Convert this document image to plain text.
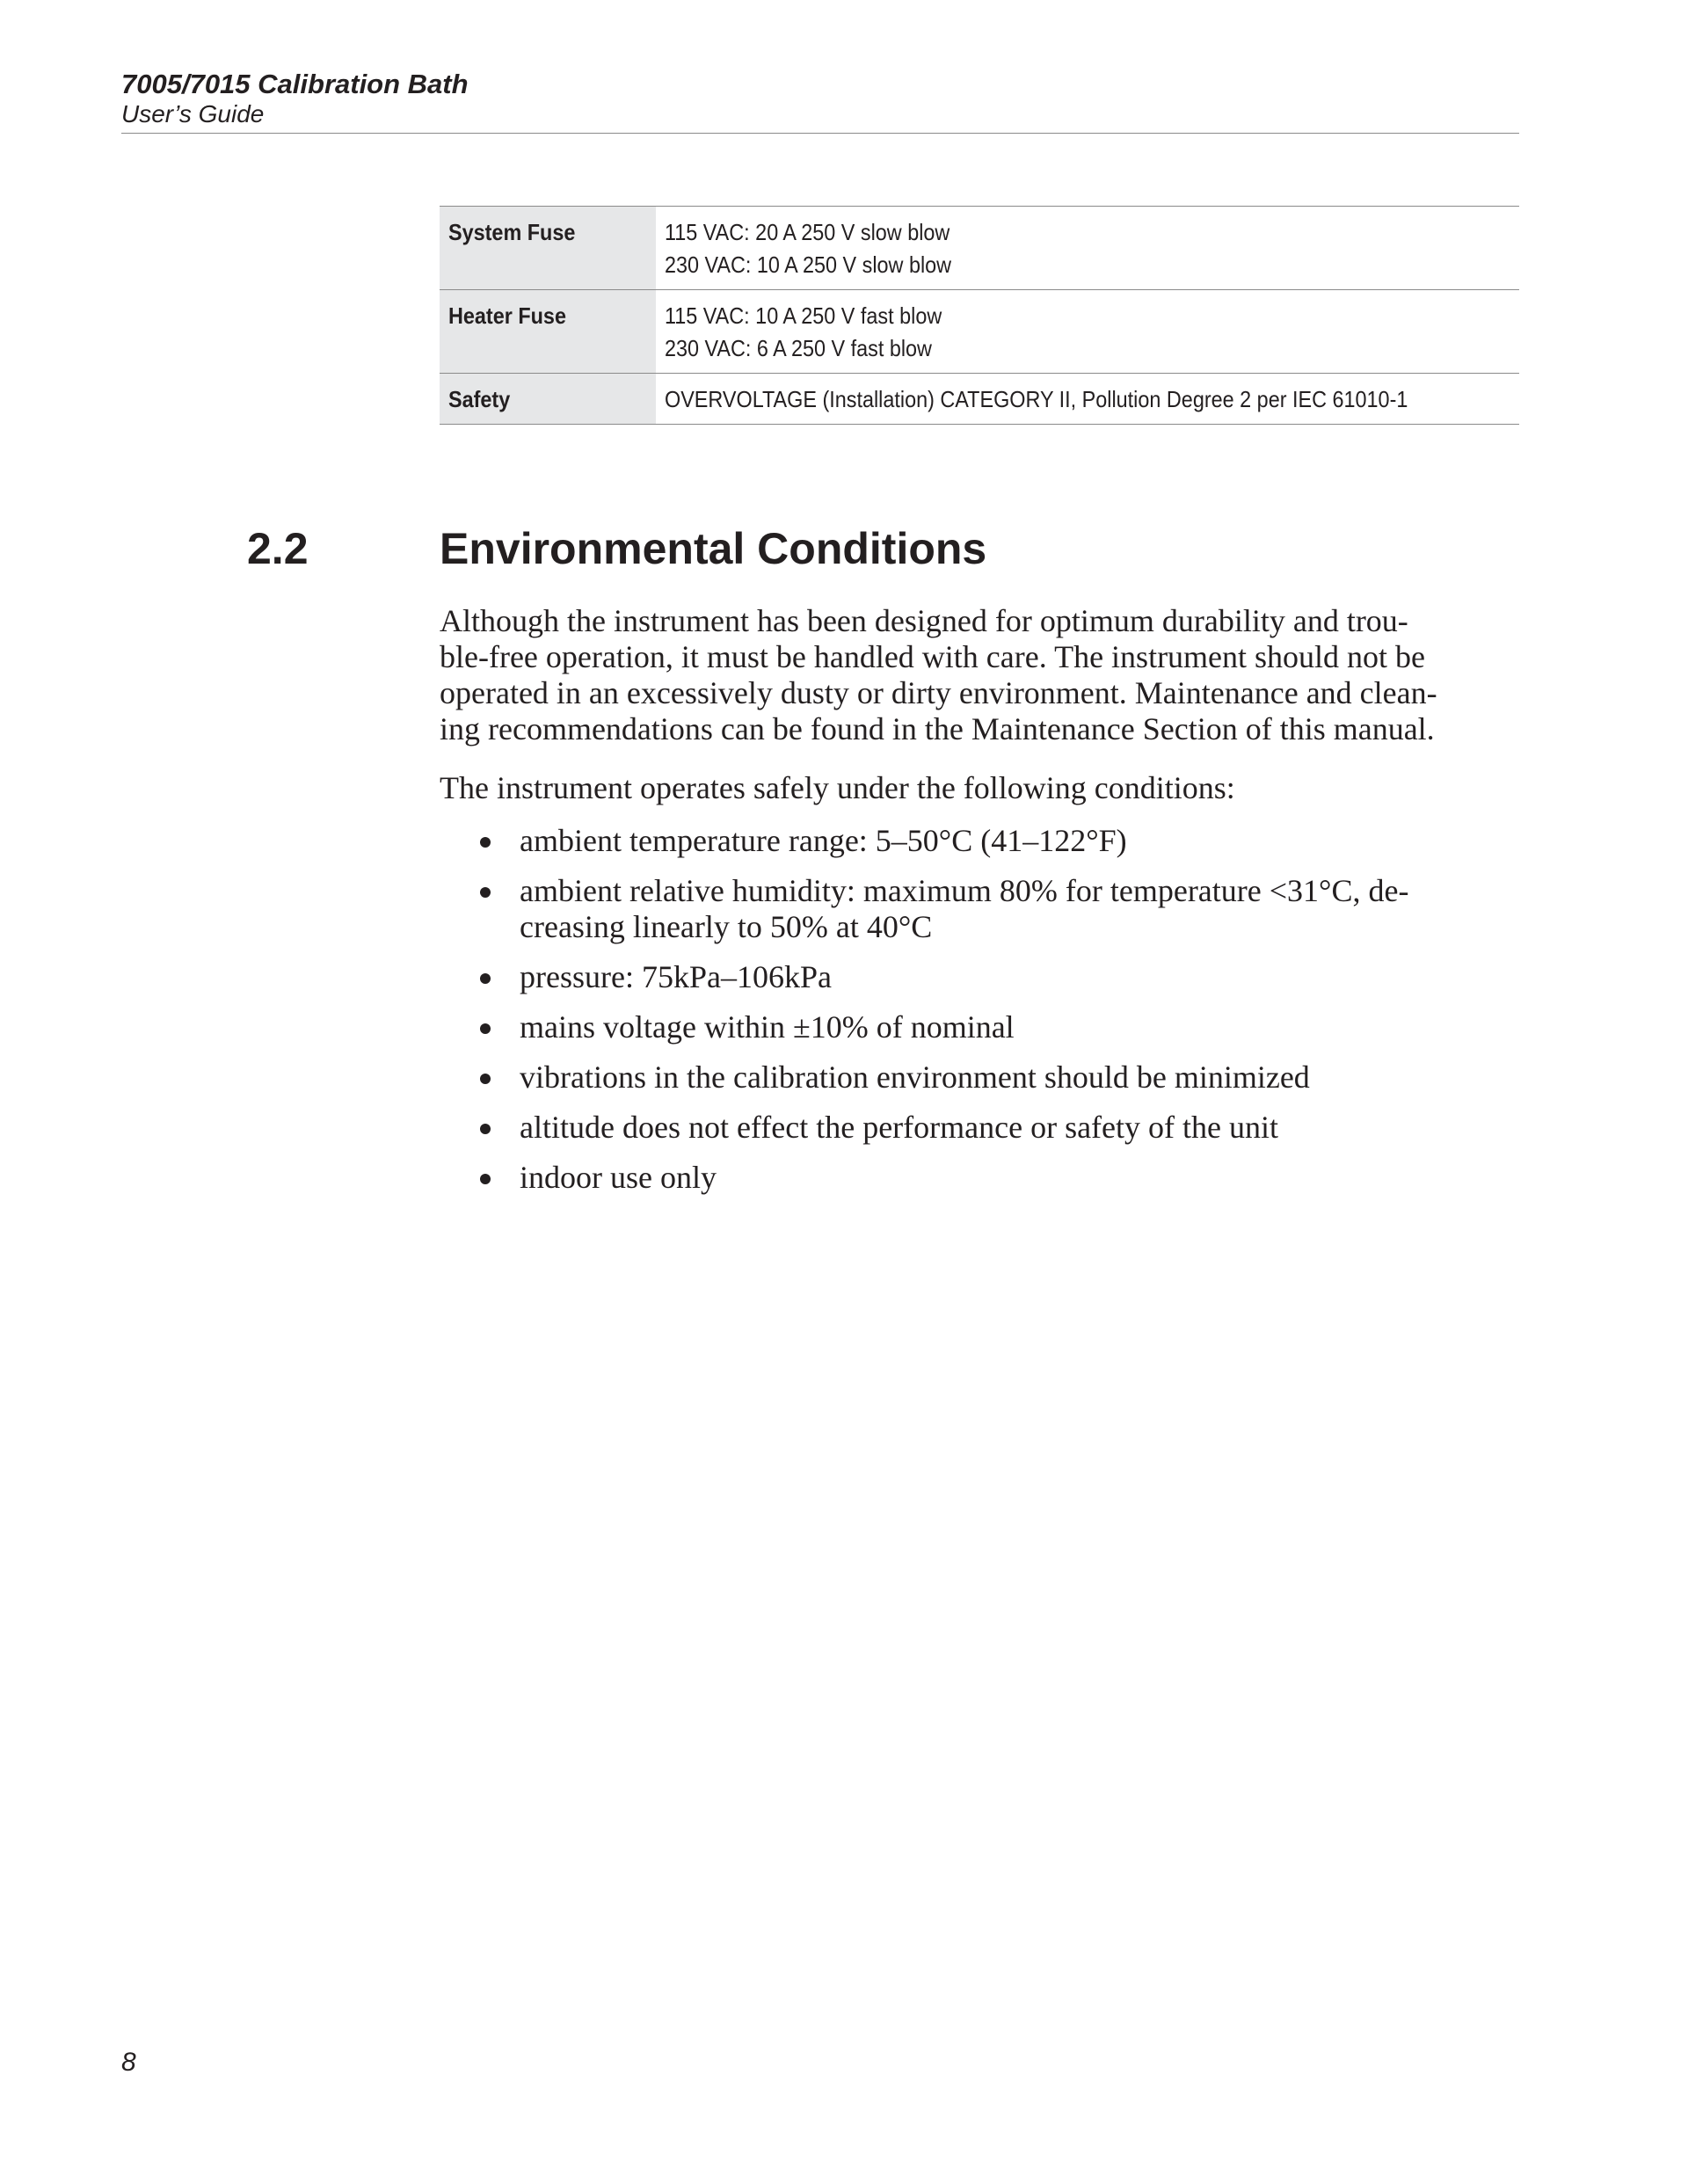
7005/7015 Calibration Bath
User’s Guide
System Fuse	115 VAC: 20 A 250 V slow blow
230 VAC: 10 A 250 V slow blow

Heater Fuse	115 VAC: 10 A 250 V fast blow
230 VAC: 6 A 250 V fast blow

Safety	OVERVOLTAGE (Installation) CATEGORY II, Pollution Degree 2 per IEC 61010-1
2.2	Environmental Conditions

Although the instrument has been designed for optimum durability and trou-
ble-free operation, it must be handled with care. The instrument should not be
operated in an excessively dusty or dirty environment. Maintenance and clean-
ing recommendations can be found in the Maintenance Section of this manual.

The instrument operates safely under the following conditions:

ambient temperature range: 5–50°C (41–122°F)
ambient relative humidity: maximum 80% for temperature <31°C, de-
creasing linearly to 50% at 40°C
pressure: 75kPa–106kPa
mains voltage within ±10% of nominal
vibrations in the calibration environment should be minimized
altitude does not effect the performance or safety of the unit
indoor use only
8
